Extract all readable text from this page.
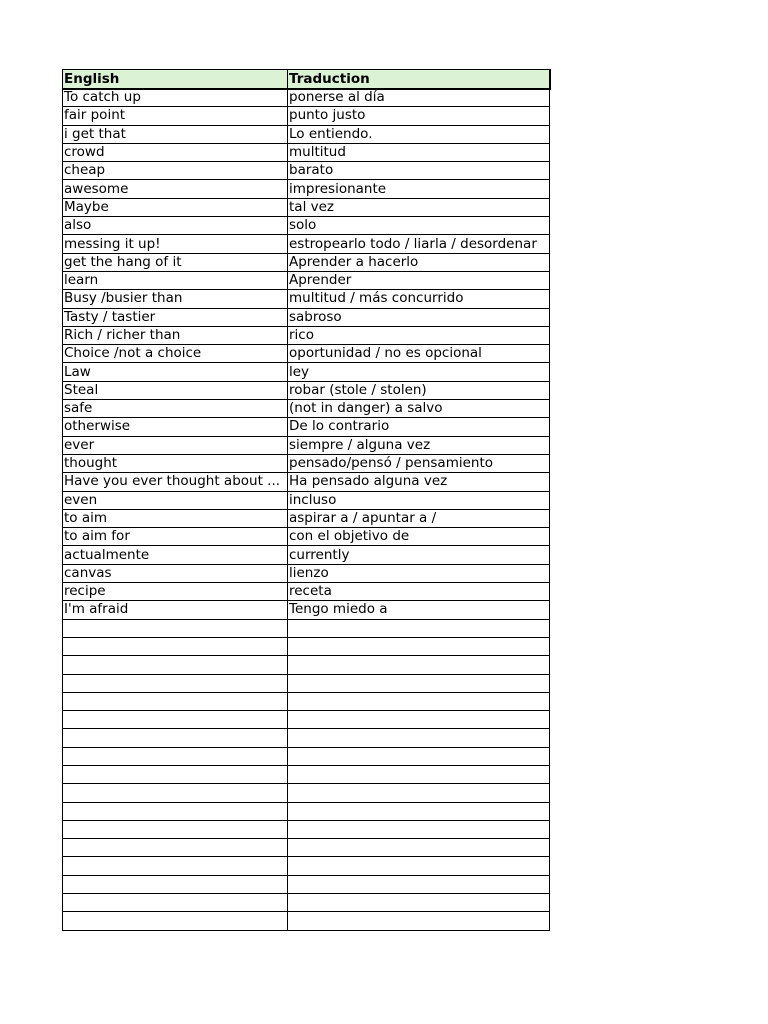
English	Traduction
To catch up	ponerse al día
fair point	punto justo
i get that	Lo entiendo.
crowd	multitud
cheap	barato
awesome	impresionante
Maybe	tal vez
also	solo
messing it up!	estropearlo todo / liarla / desordenar
get the hang of it	Aprender a hacerlo
learn	Aprender
Busy /busier than	multitud / más concurrido
Tasty / tastier	sabroso
Rich / richer than	rico
Choice /not a choice	oportunidad / no es opcional
Law	ley
Steal	robar (stole / stolen)
safe	(not in danger) a salvo
otherwise	De lo contrario
ever	siempre / alguna vez
thought	pensado/pensó / pensamiento
Have you ever thought about ...	Ha pensado alguna vez
even	incluso
to aim	aspirar a / apuntar a /
to aim for	con el objetivo de
actualmente	currently
canvas	lienzo
recipe	receta
I'm afraid	Tengo miedo a
